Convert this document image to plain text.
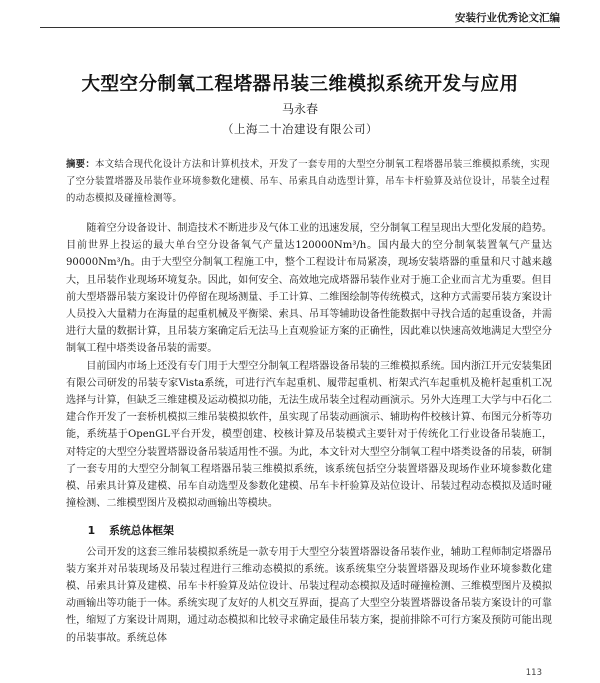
安装行业优秀论文汇编
大型空分制氧工程塔器吊装三维模拟系统开发与应用
马永春
（上海二十冶建设有限公司）
摘要：本文结合现代化设计方法和计算机技术，开发了一套专用的大型空分制氧工程塔器吊装三维模拟系统，实现了空分装置塔器及吊装作业环境参数化建模、吊车、吊索具自动选型计算，吊车卡杆验算及站位设计，吊装全过程的动态模拟及碰撞检测等。

随着空分设备设计、制造技术不断进步及气体工业的迅速发展，空分制氧工程呈现出大型化发展的趋势。目前世界上投运的最大单台空分设备氧气产量达120000Nm³/h。国内最大的空分制氧装置氧气产量达90000Nm³/h。由于大型空分制氧工程施工中，整个工程设计布局紧凑，现场安装塔器的重量和尺寸越来越大，且吊装作业现场环境复杂。因此，如何安全、高效地完成塔器吊装作业对于施工企业而言尤为重要。但目前大型塔器吊装方案设计仍停留在现场测量、手工计算、二维图绘制等传统模式，这种方式需要吊装方案设计人员投入大量精力在海量的起重机械及平衡梁、索具、吊耳等辅助设备性能数据中寻找合适的起重设备，并需进行大量的数据计算，且吊装方案确定后无法马上直观验证方案的正确性，因此难以快速高效地满足大型空分制氧工程中塔类设备吊装的需要。

目前国内市场上还没有专门用于大型空分制氧工程塔器设备吊装的三维模拟系统。国内浙江开元安装集团有限公司研发的吊装专家Vista系统，可进行汽车起重机、履带起重机、桁架式汽车起重机及桅杆起重机工况选择与计算，但缺乏三维建模及运动模拟功能，无法生成吊装全过程动画演示。另外大连理工大学与中石化二建合作开发了一套桥机模拟三维吊装模拟软件，虽实现了吊装动画演示、辅助构件校核计算、布图元分析等功能，系统基于OpenGL平台开发，模型创建、校核计算及吊装模式主要针对于传统化工行业设备吊装施工，对特定的大型空分装置塔器设备吊装适用性不强。为此，本文针对大型空分制氧工程中塔类设备的吊装，研制了一套专用的大型空分制氧工程塔器吊装三维模拟系统，该系统包括空分装置塔器及现场作业环境参数化建模、吊索具计算及建模、吊车自动选型及参数化建模、吊车卡杆验算及站位设计、吊装过程动态模拟及适时碰撞检测、二维模型图片及模拟动画输出等模块。

1 系统总体框架

公司开发的这套三维吊装模拟系统是一款专用于大型空分装置塔器设备吊装作业，辅助工程师制定塔器吊装方案并对吊装现场及吊装过程进行三维动态模拟的系统。该系统集空分装置塔器及现场作业环境参数化建模、吊索具计算及建模、吊车卡杆验算及站位设计、吊装过程动态模拟及适时碰撞检测、三维模型图片及模拟动画输出等功能于一体。系统实现了友好的人机交互界面，提高了大型空分装置塔器设备吊装方案设计的可靠性，缩短了方案设计周期，通过动态模拟和比较寻求确定最佳吊装方案，提前排除不可行方案及预防可能出现的吊装事故。系统总体

113
